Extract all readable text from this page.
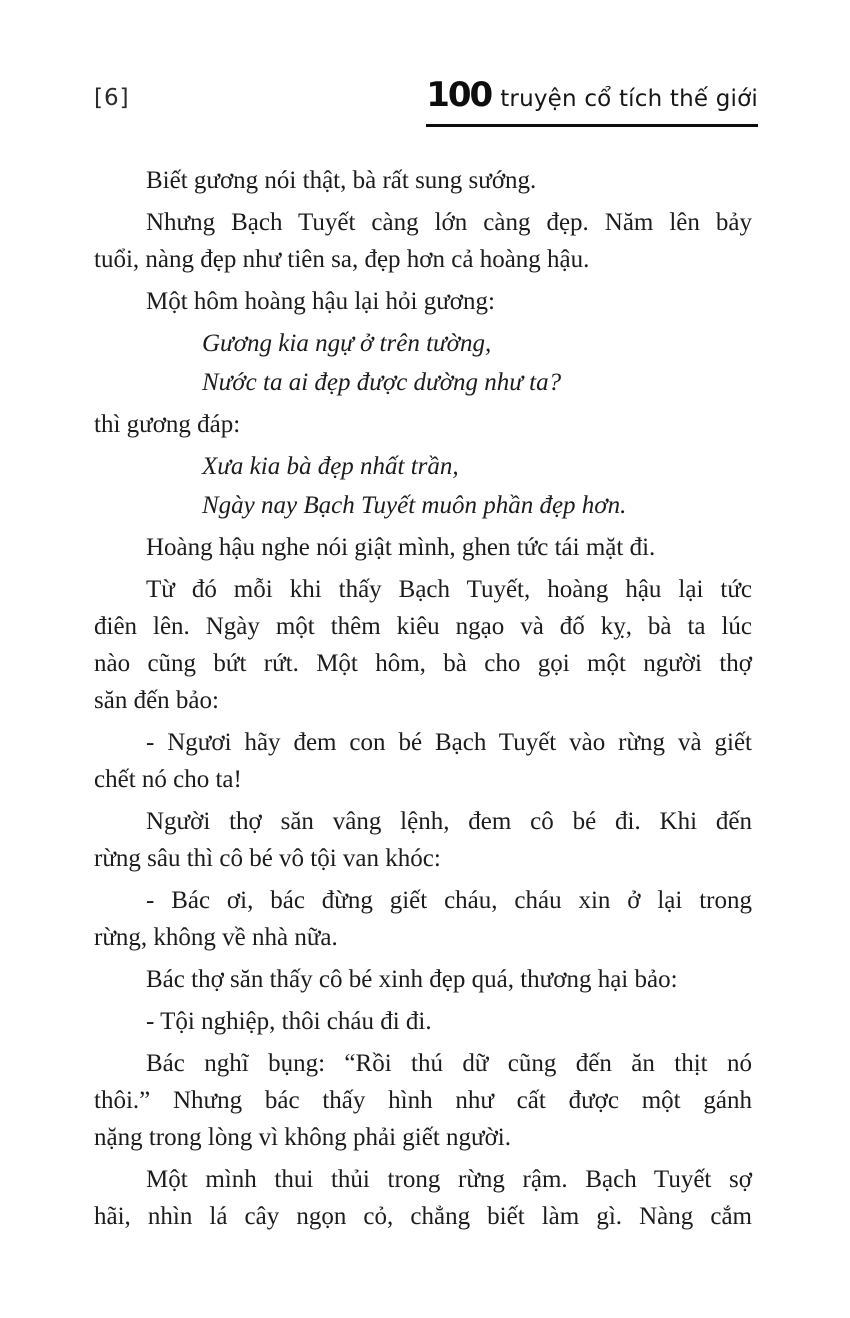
[6]	100 truyện cổ tích thế giới
Biết gương nói thật, bà rất sung sướng.
Nhưng Bạch Tuyết càng lớn càng đẹp. Năm lên bảy
tuổi, nàng đẹp như tiên sa, đẹp hơn cả hoàng hậu.
Một hôm hoàng hậu lại hỏi gương:
Gương kia ngự ở trên tường,
Nước ta ai đẹp được dường như ta?
thì gương đáp:
Xưa kia bà đẹp nhất trần,
Ngày nay Bạch Tuyết muôn phần đẹp hơn.
Hoàng hậu nghe nói giật mình, ghen tức tái mặt đi.
Từ đó mỗi khi thấy Bạch Tuyết, hoàng hậu lại tức
điên lên. Ngày một thêm kiêu ngạo và đố kỵ, bà ta lúc
nào cũng bứt rứt. Một hôm, bà cho gọi một người thợ
săn đến bảo:
- Ngươi hãy đem con bé Bạch Tuyết vào rừng và giết
chết nó cho ta!
Người thợ săn vâng lệnh, đem cô bé đi. Khi đến
rừng sâu thì cô bé vô tội van khóc:
- Bác ơi, bác đừng giết cháu, cháu xin ở lại trong
rừng, không về nhà nữa.
Bác thợ săn thấy cô bé xinh đẹp quá, thương hại bảo:
- Tội nghiệp, thôi cháu đi đi.
Bác nghĩ bụng: “Rồi thú dữ cũng đến ăn thịt nó
thôi.” Nhưng bác thấy hình như cất được một gánh
nặng trong lòng vì không phải giết người.
Một mình thui thủi trong rừng rậm. Bạch Tuyết sợ
hãi, nhìn lá cây ngọn cỏ, chẳng biết làm gì. Nàng cắm
